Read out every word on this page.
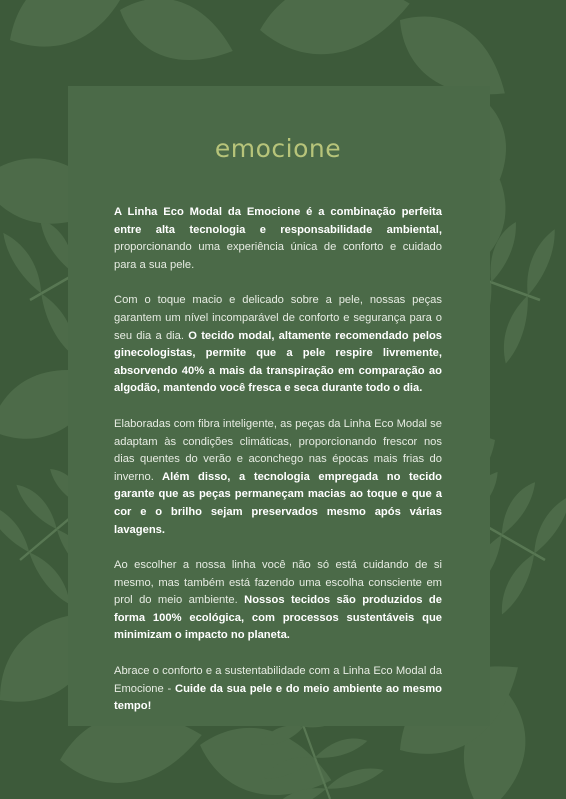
emocione

A Linha Eco Modal da Emocione é a combinação perfeita entre alta tecnologia e responsabilidade ambiental, proporcionando uma experiência única de conforto e cuidado para a sua pele.

Com o toque macio e delicado sobre a pele, nossas peças garantem um nível incomparável de conforto e segurança para o seu dia a dia. O tecido modal, altamente recomendado pelos ginecologistas, permite que a pele respire livremente, absorvendo 40% a mais da transpiração em comparação ao algodão, mantendo você fresca e seca durante todo o dia.

Elaboradas com fibra inteligente, as peças da Linha Eco Modal se adaptam às condições climáticas, proporcionando frescor nos dias quentes do verão e aconchego nas épocas mais frias do inverno. Além disso, a tecnologia empregada no tecido garante que as peças permaneçam macias ao toque e que a cor e o brilho sejam preservados mesmo após várias lavagens.

Ao escolher a nossa linha você não só está cuidando de si mesmo, mas também está fazendo uma escolha consciente em prol do meio ambiente. Nossos tecidos são produzidos de forma 100% ecológica, com processos sustentáveis que minimizam o impacto no planeta.

Abrace o conforto e a sustentabilidade com a Linha Eco Modal da Emocione - Cuide da sua pele e do meio ambiente ao mesmo tempo!
